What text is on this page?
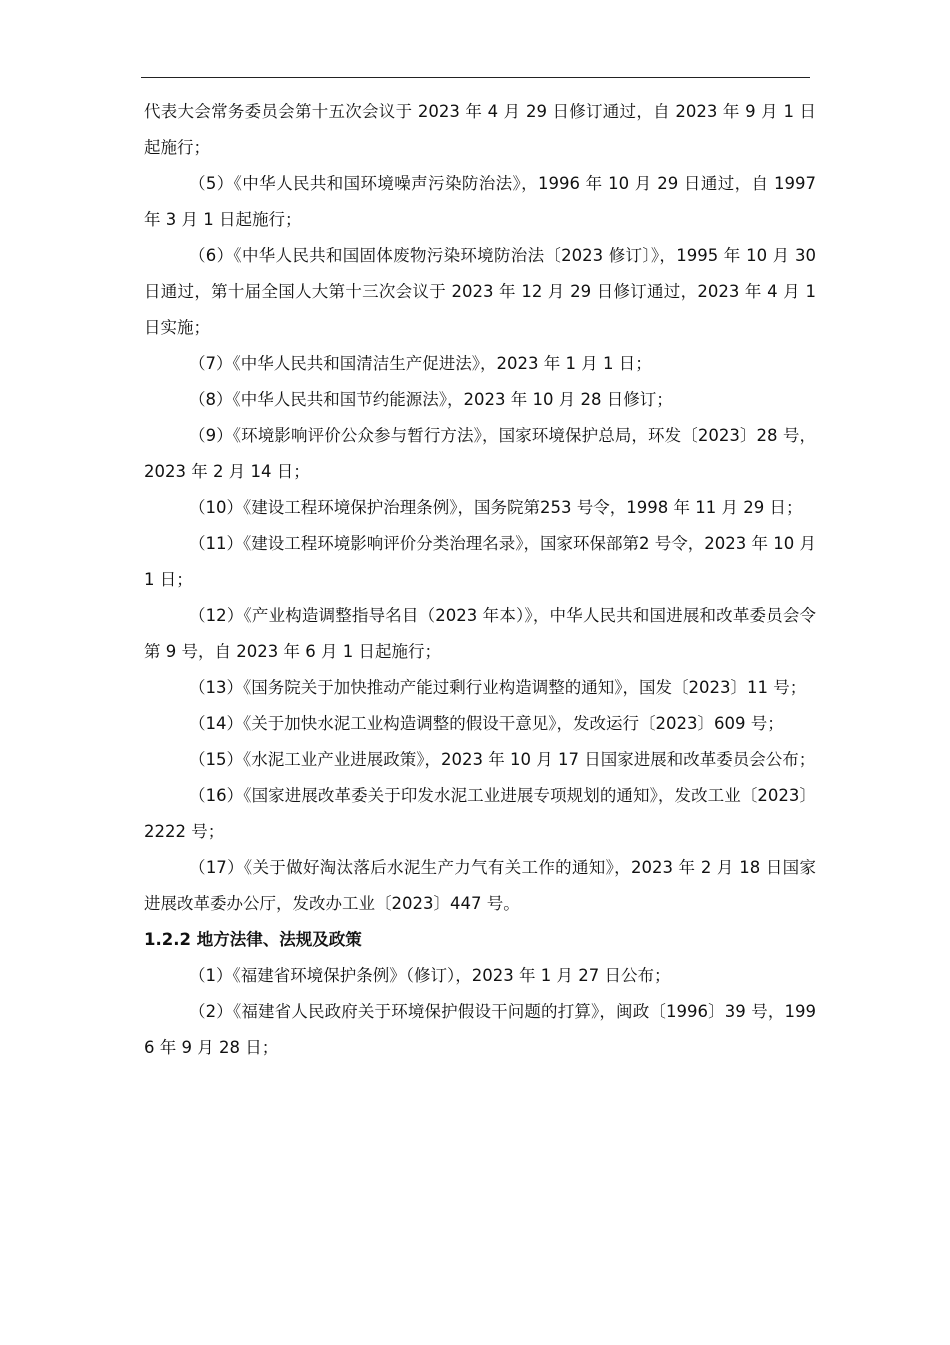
代表大会常务委员会第十五次会议于 2023 年 4 月 29 日修订通过，自 2023 年 9 月 1 日起施行；

（5）《中华人民共和国环境噪声污染防治法》，1996 年 10 月 29 日通过，自 1997 年 3 月 1 日起施行；

（6）《中华人民共和国固体废物污染环境防治法〔2023 修订〕》，1995 年 10 月 30 日通过，第十届全国人大第十三次会议于 2023 年 12 月 29 日修订通过，2023 年 4 月 1 日实施；

（7）《中华人民共和国清洁生产促进法》，2023 年 1 月 1 日；

（8）《中华人民共和国节约能源法》，2023 年 10 月 28 日修订；

（9）《环境影响评价公众参与暂行方法》，国家环境保护总局，环发〔2023〕28 号，2023 年 2 月 14 日；

（10）《建设工程环境保护治理条例》，国务院第253 号令，1998 年 11 月 29 日；

（11）《建设工程环境影响评价分类治理名录》，国家环保部第2 号令，2023 年 10 月 1 日；

（12）《产业构造调整指导名目（2023 年本）》，中华人民共和国进展和改革委员会令第 9 号，自 2023 年 6 月 1 日起施行；

（13）《国务院关于加快推动产能过剩行业构造调整的通知》，国发〔2023〕11 号；

（14）《关于加快水泥工业构造调整的假设干意见》，发改运行〔2023〕609 号；

（15）《水泥工业产业进展政策》，2023 年 10 月 17 日国家进展和改革委员会公布；

（16）《国家进展改革委关于印发水泥工业进展专项规划的通知》，发改工业〔2023〕2222 号；

（17）《关于做好淘汰落后水泥生产力气有关工作的通知》，2023 年 2 月 18 日国家进展改革委办公厅，发改办工业〔2023〕447 号。

1.2.2 地方法律、法规及政策

（1）《福建省环境保护条例》（修订），2023 年 1 月 27 日公布；

（2）《福建省人民政府关于环境保护假设干问题的打算》，闽政〔1996〕39 号，1996 年 9 月 28 日；
